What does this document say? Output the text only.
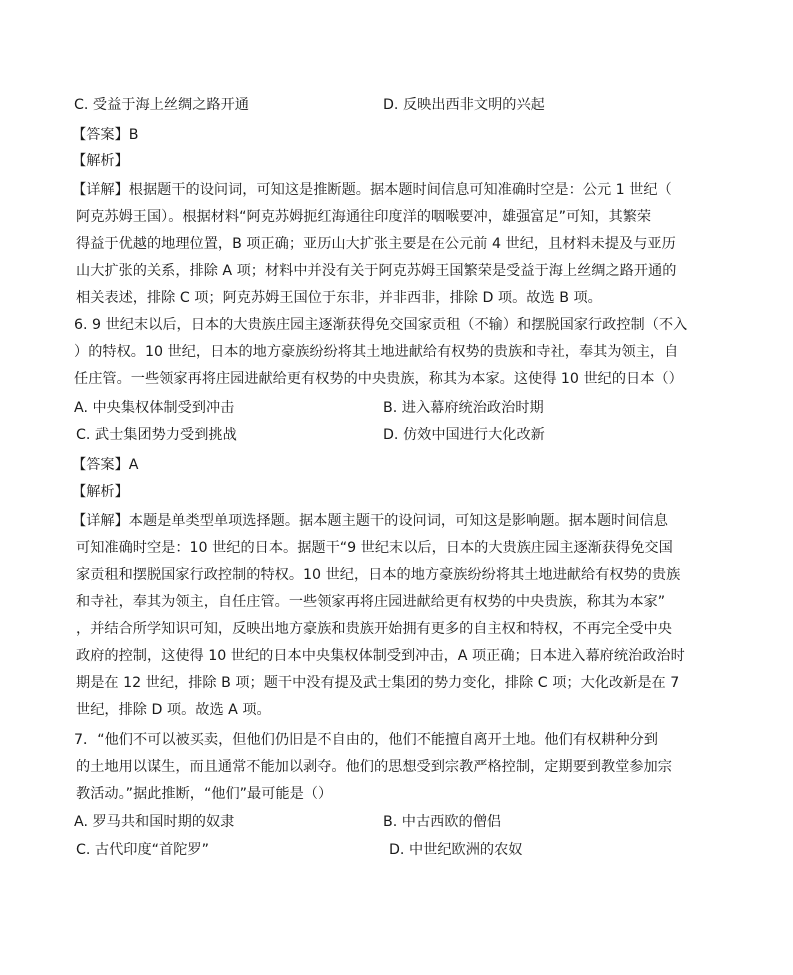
C. 受益于海上丝绸之路开通	D. 反映出西非文明的兴起
【答案】B
【解析】
【详解】根据题干的设问词，可知这是推断题。据本题时间信息可知准确时空是：公元 1 世纪（
阿克苏姆王国）。根据材料“阿克苏姆扼红海通往印度洋的咽喉要冲，雄强富足”可知，其繁荣
得益于优越的地理位置，B 项正确；亚历山大扩张主要是在公元前 4 世纪，且材料未提及与亚历
山大扩张的关系，排除 A 项；材料中并没有关于阿克苏姆王国繁荣是受益于海上丝绸之路开通的
相关表述，排除 C 项；阿克苏姆王国位于东非，并非西非，排除 D 项。故选 B 项。
6. 9 世纪末以后，日本的大贵族庄园主逐渐获得免交国家贡租（不输）和摆脱国家行政控制（不入
）的特权。10 世纪，日本的地方豪族纷纷将其土地进献给有权势的贵族和寺社，奉其为领主，自
任庄管。一些领家再将庄园进献给更有权势的中央贵族，称其为本家。这使得 10 世纪的日本（）
A. 中央集权体制受到冲击	B. 进入幕府统治政治时期
C. 武士集团势力受到挑战	D. 仿效中国进行大化改新
【答案】A
【解析】
【详解】本题是单类型单项选择题。据本题主题干的设问词，可知这是影响题。据本题时间信息
可知准确时空是：10 世纪的日本。据题干“9 世纪末以后，日本的大贵族庄园主逐渐获得免交国
家贡租和摆脱国家行政控制的特权。10 世纪，日本的地方豪族纷纷将其土地进献给有权势的贵族
和寺社，奉其为领主，自任庄管。一些领家再将庄园进献给更有权势的中央贵族，称其为本家”
，并结合所学知识可知，反映出地方豪族和贵族开始拥有更多的自主权和特权，不再完全受中央
政府的控制，这使得 10 世纪的日本中央集权体制受到冲击，A 项正确；日本进入幕府统治政治时
期是在 12 世纪，排除 B 项；题干中没有提及武士集团的势力变化，排除 C 项；大化改新是在 7
世纪，排除 D 项。故选 A 项。
7．“他们不可以被买卖，但他们仍旧是不自由的，他们不能擅自离开土地。他们有权耕种分到
的土地用以谋生，而且通常不能加以剥夺。他们的思想受到宗教严格控制，定期要到教堂参加宗
教活动。”据此推断，“他们”最可能是（）
A. 罗马共和国时期的奴隶	B. 中古西欧的僧侣
C. 古代印度“首陀罗”	D. 中世纪欧洲的农奴
